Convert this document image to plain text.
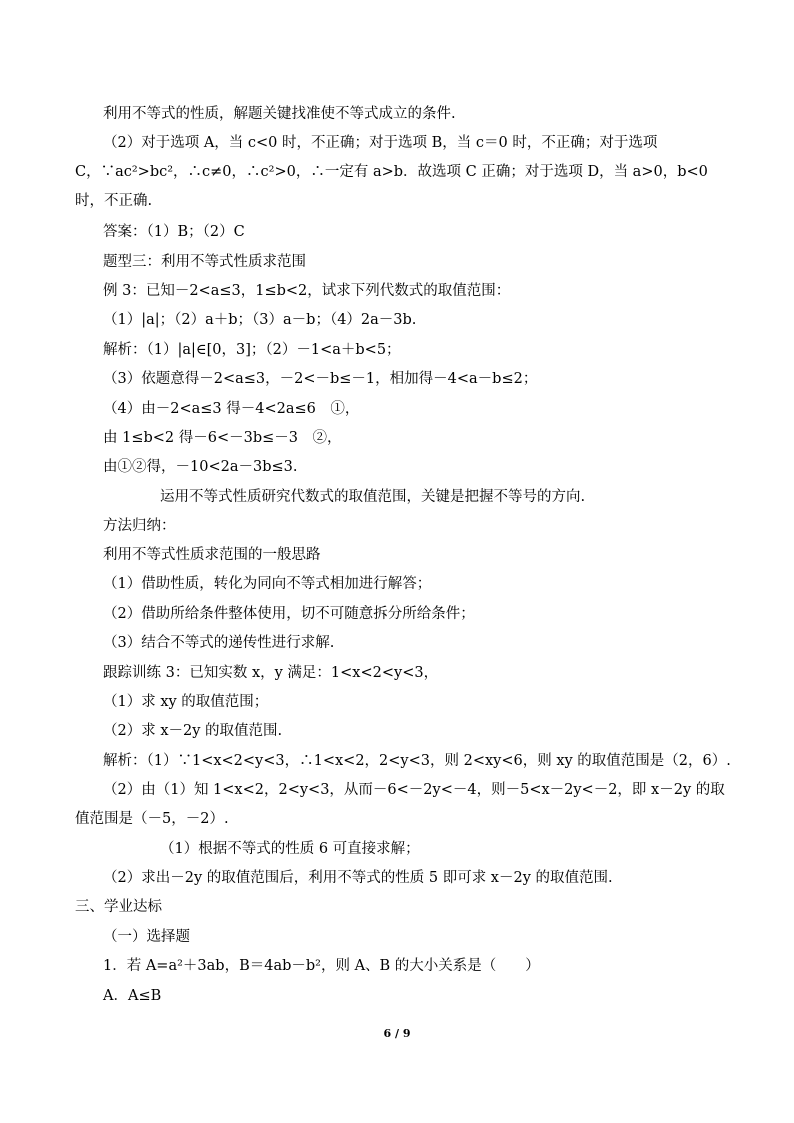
利用不等式的性质，解题关键找准使不等式成立的条件.
（2）对于选项 A，当 c<0 时，不正确；对于选项 B，当 c＝0 时，不正确；对于选项
C，∵ac²>bc²，∴c≠0，∴c²>0，∴一定有 a>b．故选项 C 正确；对于选项 D，当 a>0，b<0
时，不正确.
答案：（1）B；（2）C
题型三：利用不等式性质求范围
例 3：已知－2<a≤3，1≤b<2，试求下列代数式的取值范围：
（1）|a|；（2）a＋b；（3）a－b；（4）2a－3b.
解析：（1）|a|∈[0，3]；（2）－1<a＋b<5；
（3）依题意得－2<a≤3，－2<－b≤－1，相加得－4<a－b≤2；
（4）由－2<a≤3 得－4<2a≤6　①，
由 1≤b<2 得－6<－3b≤－3　②，
由①②得，－10<2a－3b≤3.
运用不等式性质研究代数式的取值范围，关键是把握不等号的方向.
方法归纳：
利用不等式性质求范围的一般思路
（1）借助性质，转化为同向不等式相加进行解答；
（2）借助所给条件整体使用，切不可随意拆分所给条件；
（3）结合不等式的递传性进行求解.
跟踪训练 3：已知实数 x，y 满足：1<x<2<y<3，
（1）求 xy 的取值范围；
（2）求 x－2y 的取值范围.
解析：（1）∵1<x<2<y<3，∴1<x<2，2<y<3，则 2<xy<6，则 xy 的取值范围是（2，6）.
（2）由（1）知 1<x<2，2<y<3，从而－6<－2y<－4，则－5<x－2y<－2，即 x－2y 的取
值范围是（－5，－2）.
（1）根据不等式的性质 6 可直接求解；
（2）求出－2y 的取值范围后，利用不等式的性质 5 即可求 x－2y 的取值范围.
三、学业达标
（一）选择题
1．若 A=a²＋3ab，B＝4ab－b²，则 A、B 的大小关系是（　　）
A．A≤B
6 / 9
